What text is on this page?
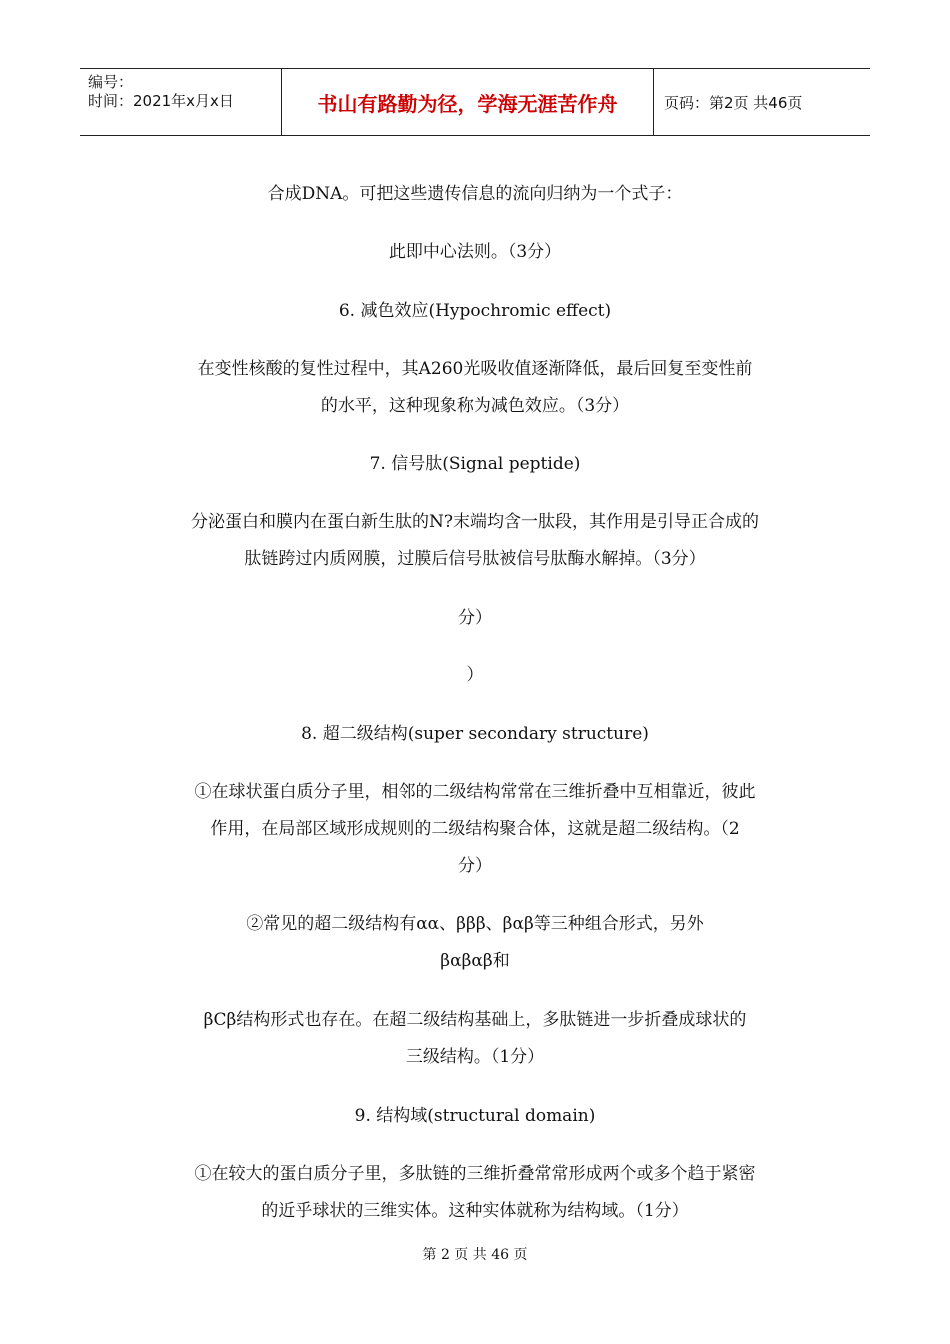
编号：
时间：2021年x月x日	书山有路勤为径，学海无涯苦作舟	页码：第2页 共46页
合成DNA。可把这些遗传信息的流向归纳为一个式子：
此即中心法则。（3分）
6. 减色效应(Hypochromic effect)
在变性核酸的复性过程中，其A260光吸收值逐渐降低，最后回复至变性前
的水平，这种现象称为减色效应。（3分）
7. 信号肽(Signal peptide)
分泌蛋白和膜内在蛋白新生肽的N?末端均含一肽段，其作用是引导正合成的
肽链跨过内质网膜，过膜后信号肽被信号肽酶水解掉。（3分）
分）
）
8. 超二级结构(super secondary structure)
①在球状蛋白质分子里，相邻的二级结构常常在三维折叠中互相靠近，彼此
作用，在局部区域形成规则的二级结构聚合体，这就是超二级结构。（2
分）
②常见的超二级结构有αα、βββ、βαβ等三种组合形式，另外
βαβαβ和
βCβ结构形式也存在。在超二级结构基础上，多肽链进一步折叠成球状的
三级结构。（1分）
9. 结构域(structural domain)
①在较大的蛋白质分子里，多肽链的三维折叠常常形成两个或多个趋于紧密
的近乎球状的三维实体。这种实体就称为结构域。（1分）
第 2 页 共 46 页
